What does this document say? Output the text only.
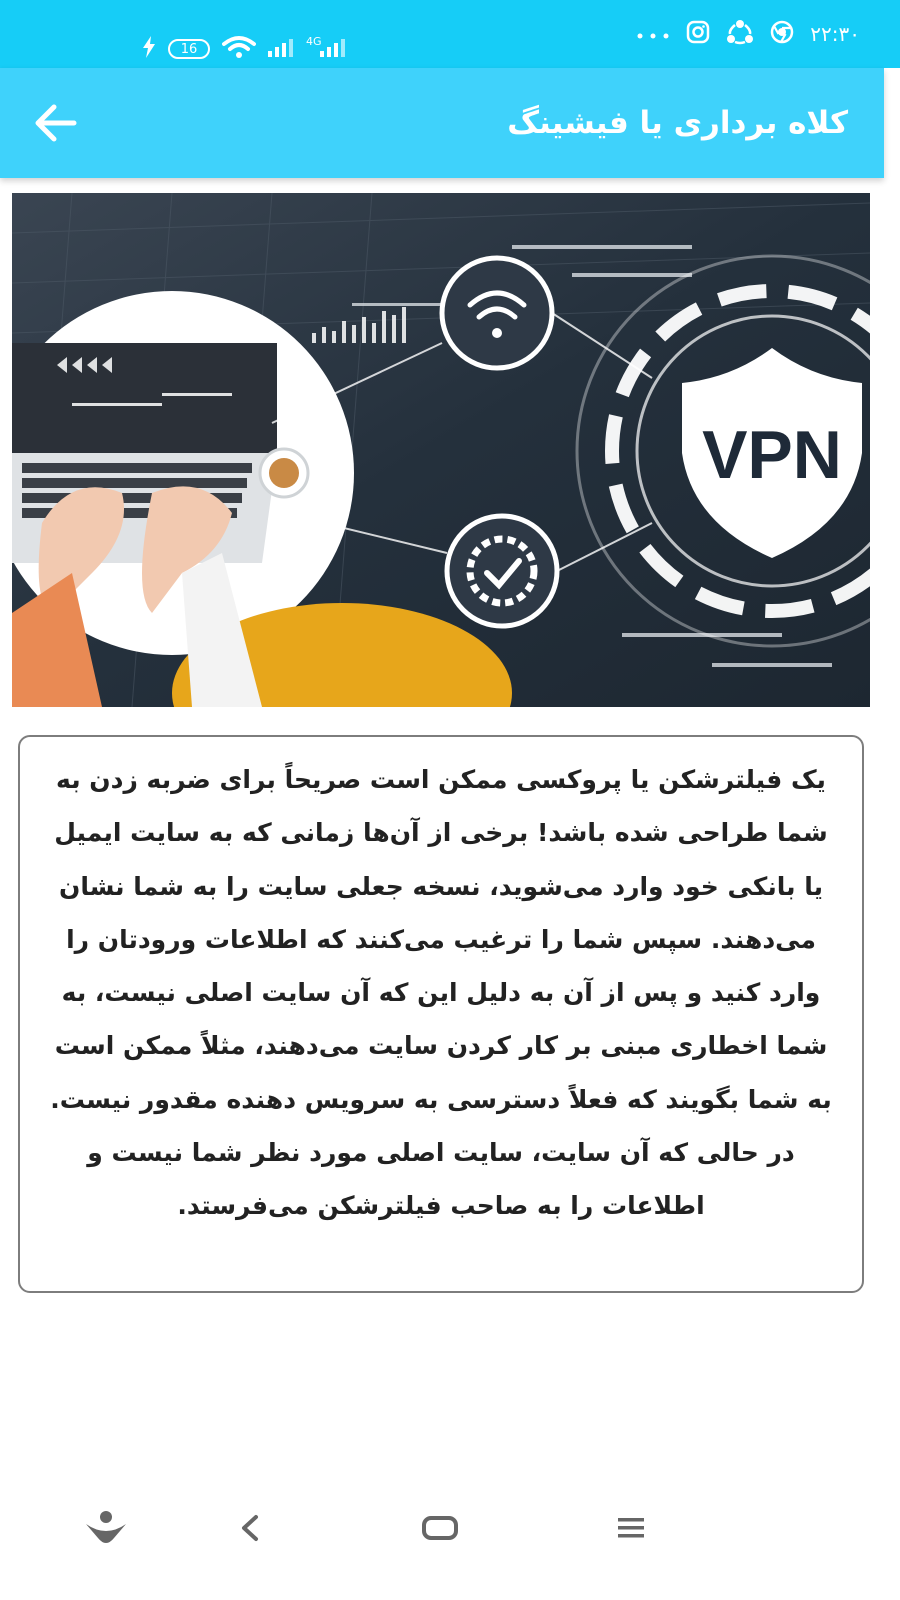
16
4G	۲۲:۳۰
کلاه برداری یا فیشینگ
VPN

یک فیلترشکن یا پروکسی ممکن است صریحاً برای ضربه زدن به شما طراحی شده باشد! برخی از آن‌ها زمانی که به سایت ایمیل یا بانکی خود وارد می‌شوید، نسخه جعلی سایت را به شما نشان می‌دهند. سپس شما را ترغیب می‌کنند که اطلاعات ورودتان را وارد کنید و پس از آن به دلیل این که آن سایت اصلی نیست، به شما اخطاری مبنی بر کار کردن سایت می‌دهند، مثلاً ممکن است به شما بگویند که فعلاً دسترسی به سرویس دهنده مقدور نیست. در حالی که آن سایت، سایت اصلی مورد نظر شما نیست و اطلاعات را به صاحب فیلترشکن می‌فرستد.
